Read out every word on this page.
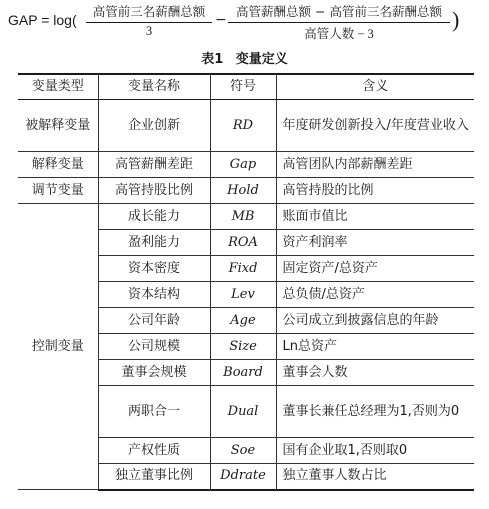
GAP = log(
高管前三名薪酬总额
3
−
高管薪酬总额 − 高管前三名薪酬总额
高管人数 − 3
)
表1 变量定义
变量类型	变量名称	符号	含义
被解释变量	企业创新	RD	年度研发创新投入/年度营业收入
解释变量	高管薪酬差距	Gap	高管团队内部薪酬差距
调节变量	高管持股比例	Hold	高管持股的比例
控制变量	成长能力	MB	账面市值比
	盈利能力	ROA	资产利润率
	资本密度	Fixd	固定资产/总资产
	资本结构	Lev	总负债/总资产
	公司年龄	Age	公司成立到披露信息的年龄
	公司规模	Size	Ln总资产
	董事会规模	Board	董事会人数
	两职合一	Dual	董事长兼任总经理为1,否则为0
	产权性质	Soe	国有企业取1,否则取0
	独立董事比例	Ddrate	独立董事人数占比
